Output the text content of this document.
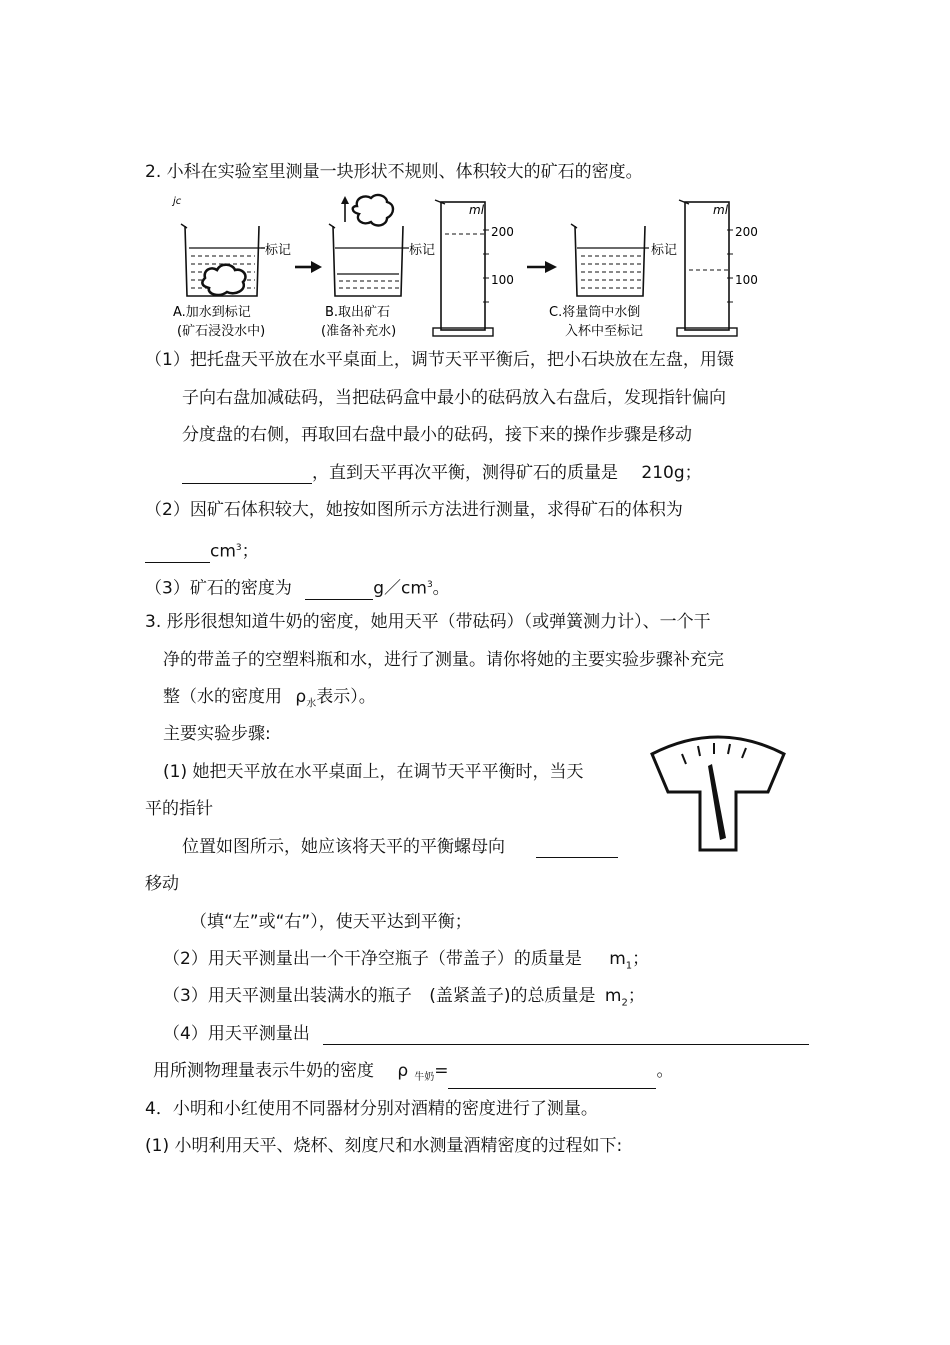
2. 小科在实验室里测量一块形状不规则、体积较大的矿石的密度。
jc
标记	标记
ml
200
100
标记
ml
200
100
A.加水到标记
(矿石浸没水中)
B.取出矿石
(准备补充水)
C.将量筒中水倒
入杯中至标记
（1）把托盘天平放在水平桌面上，调节天平平衡后，把小石块放在左盘，用镊
子向右盘加减砝码，当把砝码盒中最小的砝码放入右盘后，发现指针偏向
分度盘的右侧，再取回右盘中最小的砝码，接下来的操作步骤是移动
，直到天平再次平衡，测得矿石的质量是 210g；
（2）因矿石体积较大，她按如图所示方法进行测量，求得矿石的体积为
$cm^3$；
（3）矿石的密度为	$g/cm^3$。
3. 彤彤很想知道牛奶的密度，她用天平（带砝码）（或弹簧测力计）、一个干
净的带盖子的空塑料瓶和水，进行了测量。请你将她的主要实验步骤补充完
整（水的密度用 $\rho_水$表示）。
主要实验步骤:
(1) 她把天平放在水平桌面上，在调节天平平衡时，当天
平的指针
位置如图所示，她应该将天平的平衡螺母向
移动
（填“左”或“右”），使天平达到平衡；
（2）用天平测量出一个干净空瓶子（带盖子）的质量是 $m_1$；
（3）用天平测量出装满水的瓶子 (盖紧盖子)的总质量是 $m_2$；
（4）用天平测量出
用所测物理量表示牛奶的密度 ρ $_{牛奶}$=	。
4．小明和小红使用不同器材分别对酒精的密度进行了测量。
(1) 小明利用天平、烧杯、刻度尺和水测量酒精密度的过程如下:
